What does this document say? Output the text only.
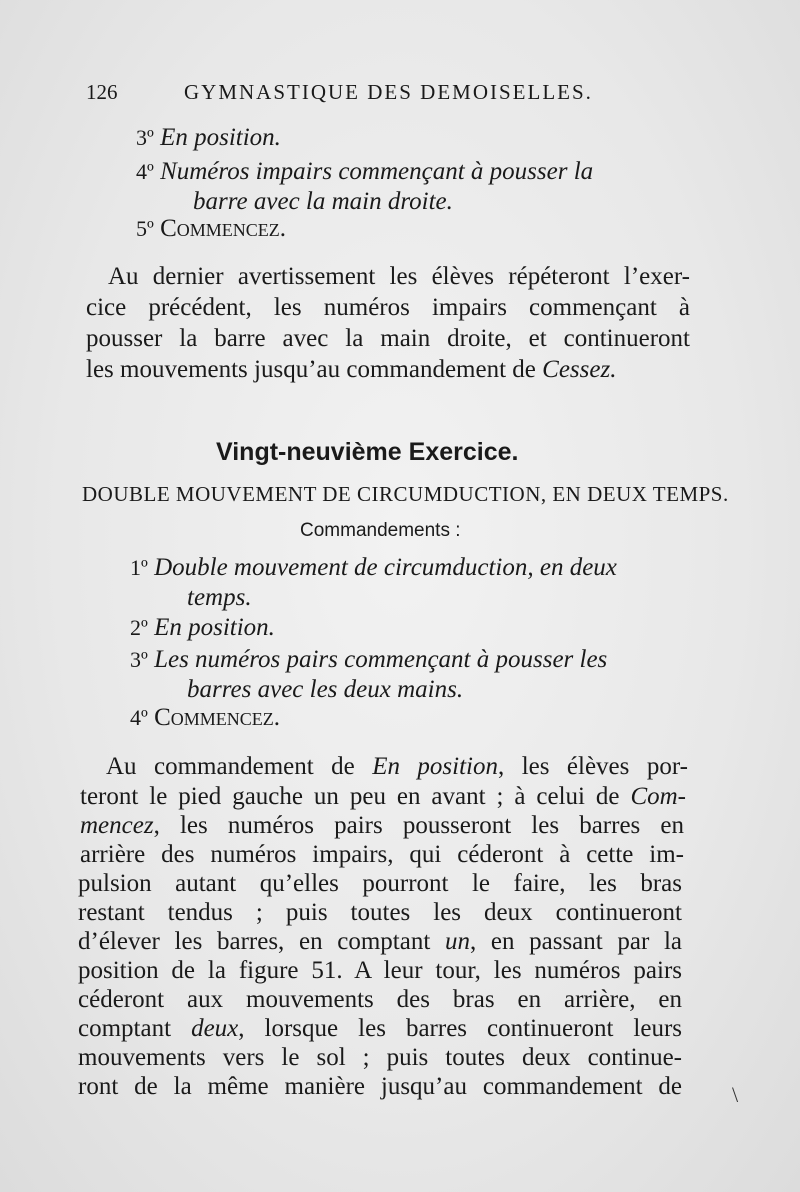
126	GYMNASTIQUE DES DEMOISELLES.
3º En position.
4º Numéros impairs commençant à pousser la
barre avec la main droite.
5º Commencez.
Au dernier avertissement les élèves répéteront l’exer-
cice précédent, les numéros impairs commençant à
pousser la barre avec la main droite, et continueront
les mouvements jusqu’au commandement de Cessez.
Vingt-neuvième Exercice.
DOUBLE MOUVEMENT DE CIRCUMDUCTION, EN DEUX TEMPS.
Commandements :
1º Double mouvement de circumduction, en deux
temps.
2º En position.
3º Les numéros pairs commençant à pousser les
barres avec les deux mains.
4º Commencez.
Au commandement de En position, les élèves por-
teront le pied gauche un peu en avant ; à celui de Com-
mencez, les numéros pairs pousseront les barres en
arrière des numéros impairs, qui céderont à cette im-
pulsion autant qu’elles pourront le faire, les bras
restant tendus ; puis toutes les deux continueront
d’élever les barres, en comptant un, en passant par la
position de la figure 51. A leur tour, les numéros pairs
céderont aux mouvements des bras en arrière, en
comptant deux, lorsque les barres continueront leurs
mouvements vers le sol ; puis toutes deux continue-
ront de la même manière jusqu’au commandement de \
